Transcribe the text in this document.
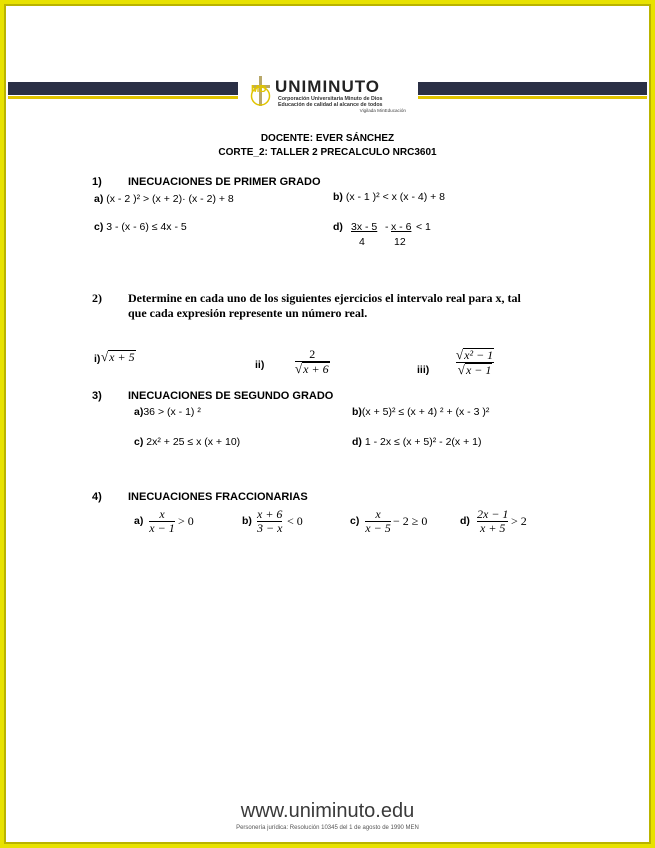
MD UNIMINUTO
Corporación Universitaria Minuto de Dios
Educación de calidad al alcance de todos
Vigilada MinEducación
DOCENTE: EVER SÁNCHEZ
CORTE_2: TALLER 2 PRECALCULO NRC3601
1) INECUACIONES DE PRIMER GRADO
a) (x - 2 )² > (x + 2)· (x - 2) + 8	b) (x - 1 )² < x (x - 4) + 8
c) 3 - (x - 6) ≤ 4x - 5	d) 3x - 5
4
- x - 6
12
< 1
2) Determine en cada uno de los siguientes ejercicios el intervalo real para x, tal
que cada expresión represente un número real.
i) √x + 5
ii)
2
√x + 6	iii)
√x² − 1
√x − 1
3) INECUACIONES DE SEGUNDO GRADO
a)36 > (x - 1) ²	b)(x + 5)² ≤ (x + 4) ² + (x - 3 )²
c) 2x² + 25 ≤ x (x + 10)	d) 1 - 2x ≤ (x + 5)² - 2(x + 1)
4) INECUACIONES FRACCIONARIAS
a) x
x − 1 > 0	b) x + 6
3 − x < 0	c) x
x − 5 − 2 ≥ 0	d) 2x − 1
x + 5 > 2
www.uniminuto.edu
Personería jurídica: Resolución 10345 del 1 de agosto de 1990 MEN
